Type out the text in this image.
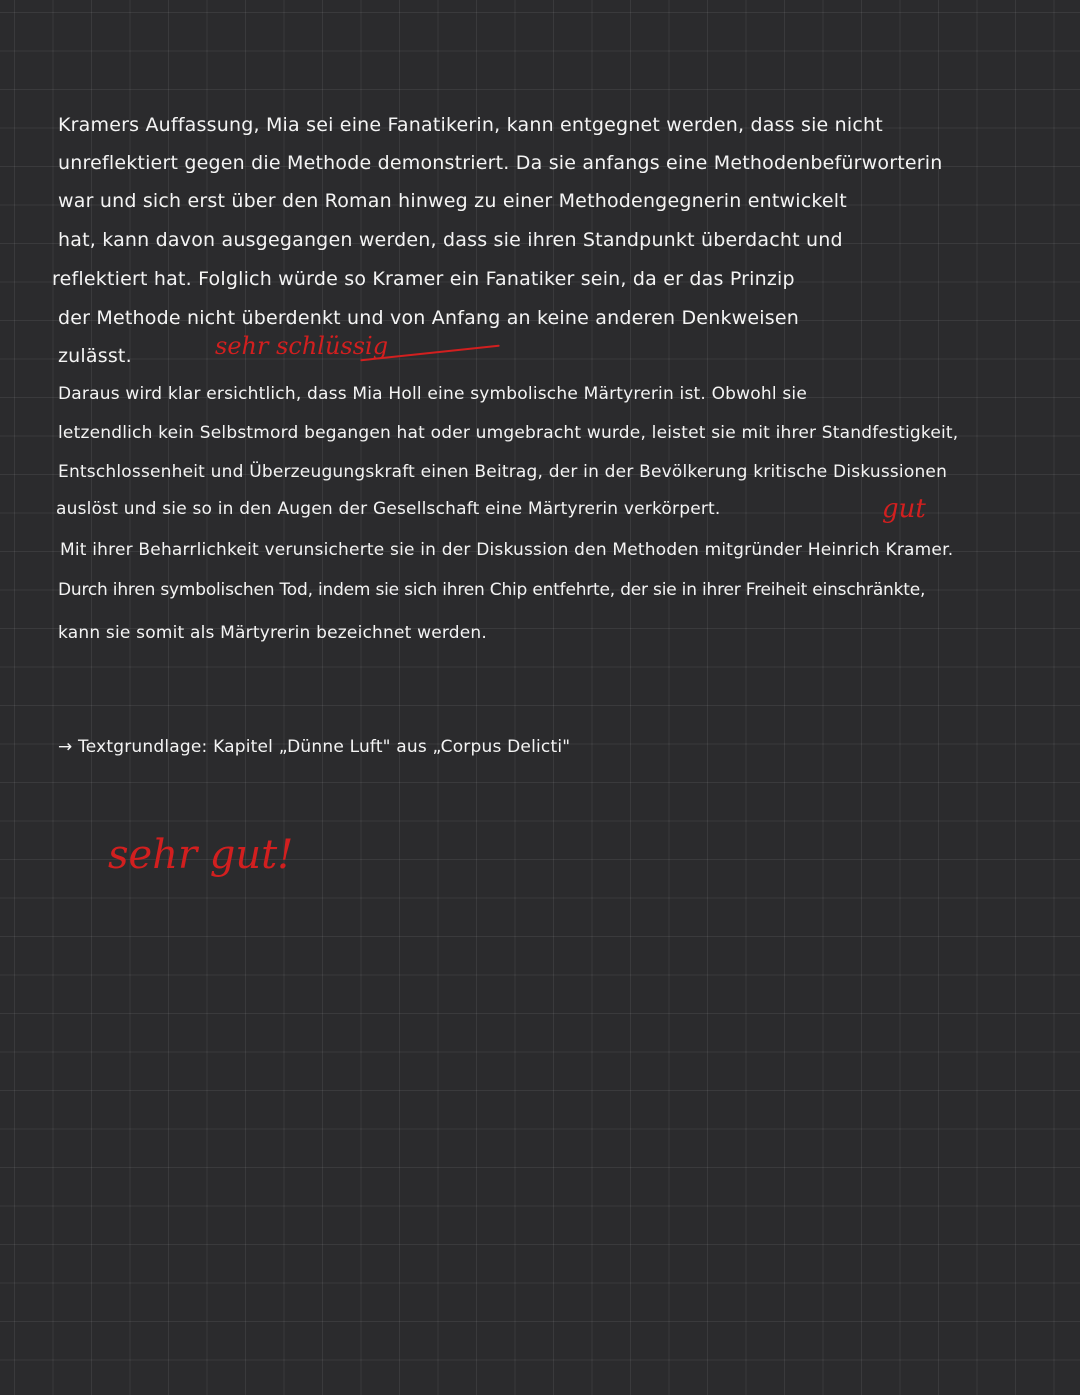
Kramers Auffassung, Mia sei eine Fanatikerin, kann entgegnet werden, dass sie nicht
unreflektiert gegen die Methode demonstriert. Da sie anfangs eine Methodenbefürworterin
war und sich erst über den Roman hinweg zu einer Methodengegnerin entwickelt
hat, kann davon ausgegangen werden, dass sie ihren Standpunkt überdacht und
reflektiert hat. Folglich würde so Kramer ein Fanatiker sein, da er das Prinzip
der Methode nicht überdenkt und von Anfang an keine anderen Denkweisen
zulässt.	sehr schlüssig
Daraus wird klar ersichtlich, dass Mia Holl eine symbolische Märtyrerin ist. Obwohl sie
letzendlich kein Selbstmord begangen hat oder umgebracht wurde, leistet sie mit ihrer Standfestigkeit,
Entschlossenheit und Überzeugungskraft einen Beitrag, der in der Bevölkerung kritische Diskussionen
auslöst und sie so in den Augen der Gesellschaft eine Märtyrerin verkörpert.	gut
Mit ihrer Beharrlichkeit verunsicherte sie in der Diskussion den Methoden mitgründer Heinrich Kramer.
Durch ihren symbolischen Tod, indem sie sich ihren Chip entfehrte, der sie in ihrer Freiheit einschränkte,
kann sie somit als Märtyrerin bezeichnet werden.
→ Textgrundlage: Kapitel „Dünne Luft" aus „Corpus Delicti"
sehr gut!
